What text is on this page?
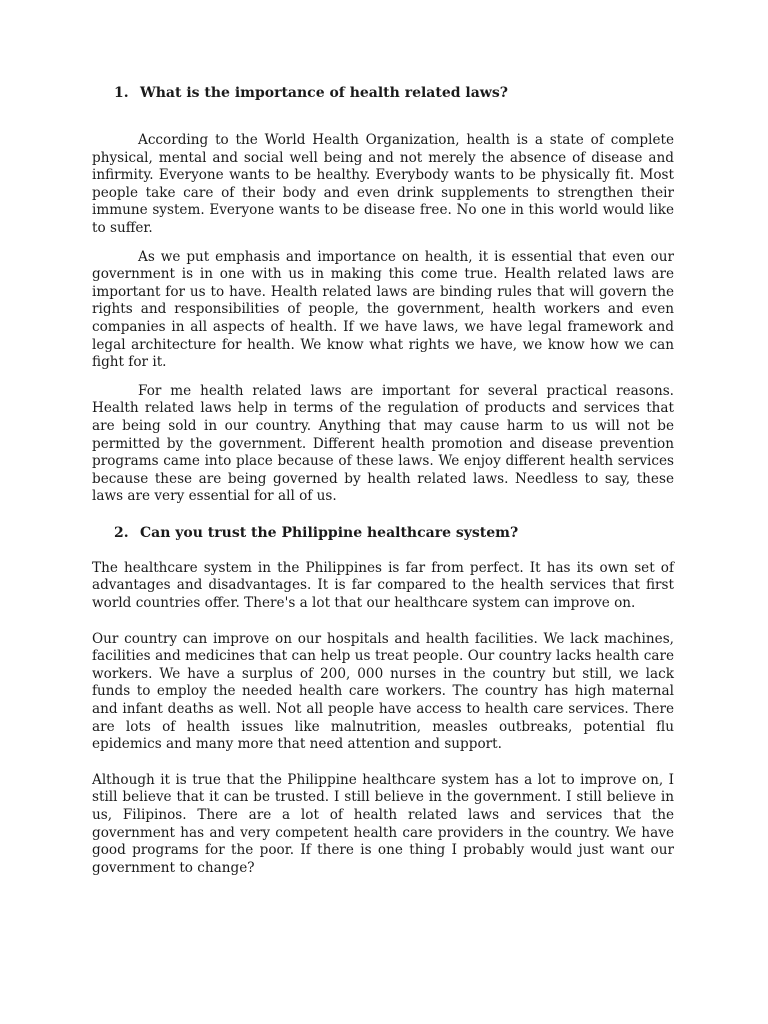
1. What is the importance of health related laws?

According to the World Health Organization, health is a state of complete physical, mental and social well being and not merely the absence of disease and infirmity. Everyone wants to be healthy. Everybody wants to be physically fit. Most people take care of their body and even drink supplements to strengthen their immune system. Everyone wants to be disease free. No one in this world would like to suffer.

As we put emphasis and importance on health, it is essential that even our government is in one with us in making this come true. Health related laws are important for us to have. Health related laws are binding rules that will govern the rights and responsibilities of people, the government, health workers and even companies in all aspects of health. If we have laws, we have legal framework and legal architecture for health. We know what rights we have, we know how we can fight for it.

For me health related laws are important for several practical reasons. Health related laws help in terms of the regulation of products and services that are being sold in our country. Anything that may cause harm to us will not be permitted by the government. Different health promotion and disease prevention programs came into place because of these laws. We enjoy different health services because these are being governed by health related laws. Needless to say, these laws are very essential for all of us.

2. Can you trust the Philippine healthcare system?

The healthcare system in the Philippines is far from perfect. It has its own set of advantages and disadvantages. It is far compared to the health services that first world countries offer. There's a lot that our healthcare system can improve on.

Our country can improve on our hospitals and health facilities. We lack machines, facilities and medicines that can help us treat people. Our country lacks health care workers. We have a surplus of 200, 000 nurses in the country but still, we lack funds to employ the needed health care workers. The country has high maternal and infant deaths as well. Not all people have access to health care services. There are lots of health issues like malnutrition, measles outbreaks, potential flu epidemics and many more that need attention and support.

Although it is true that the Philippine healthcare system has a lot to improve on, I still believe that it can be trusted. I still believe in the government. I still believe in us, Filipinos. There are a lot of health related laws and services that the government has and very competent health care providers in the country. We have good programs for the poor. If there is one thing I probably would just want our government to change?
